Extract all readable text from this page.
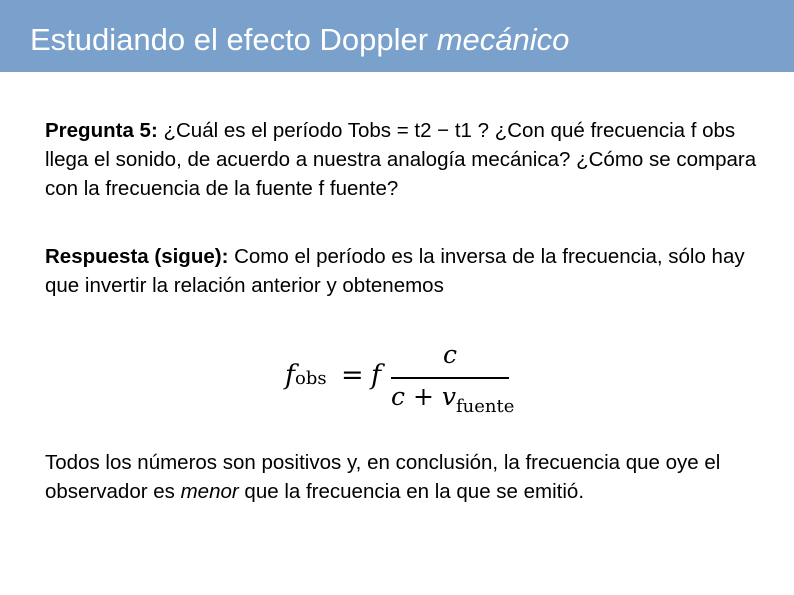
Estudiando el efecto Doppler mecánico
Pregunta 5: ¿Cuál es el período Tobs = t2 − t1 ? ¿Con qué frecuencia f obs llega el sonido, de acuerdo a nuestra analogía mecánica? ¿Cómo se compara con la frecuencia de la fuente f fuente?
Respuesta (sigue): Como el período es la inversa de la frecuencia, sólo hay que invertir la relación anterior y obtenemos
fobs = f
c
$c + v_{fuente}$
Todos los números son positivos y, en conclusión, la frecuencia que oye el observador es menor que la frecuencia en la que se emitió.
